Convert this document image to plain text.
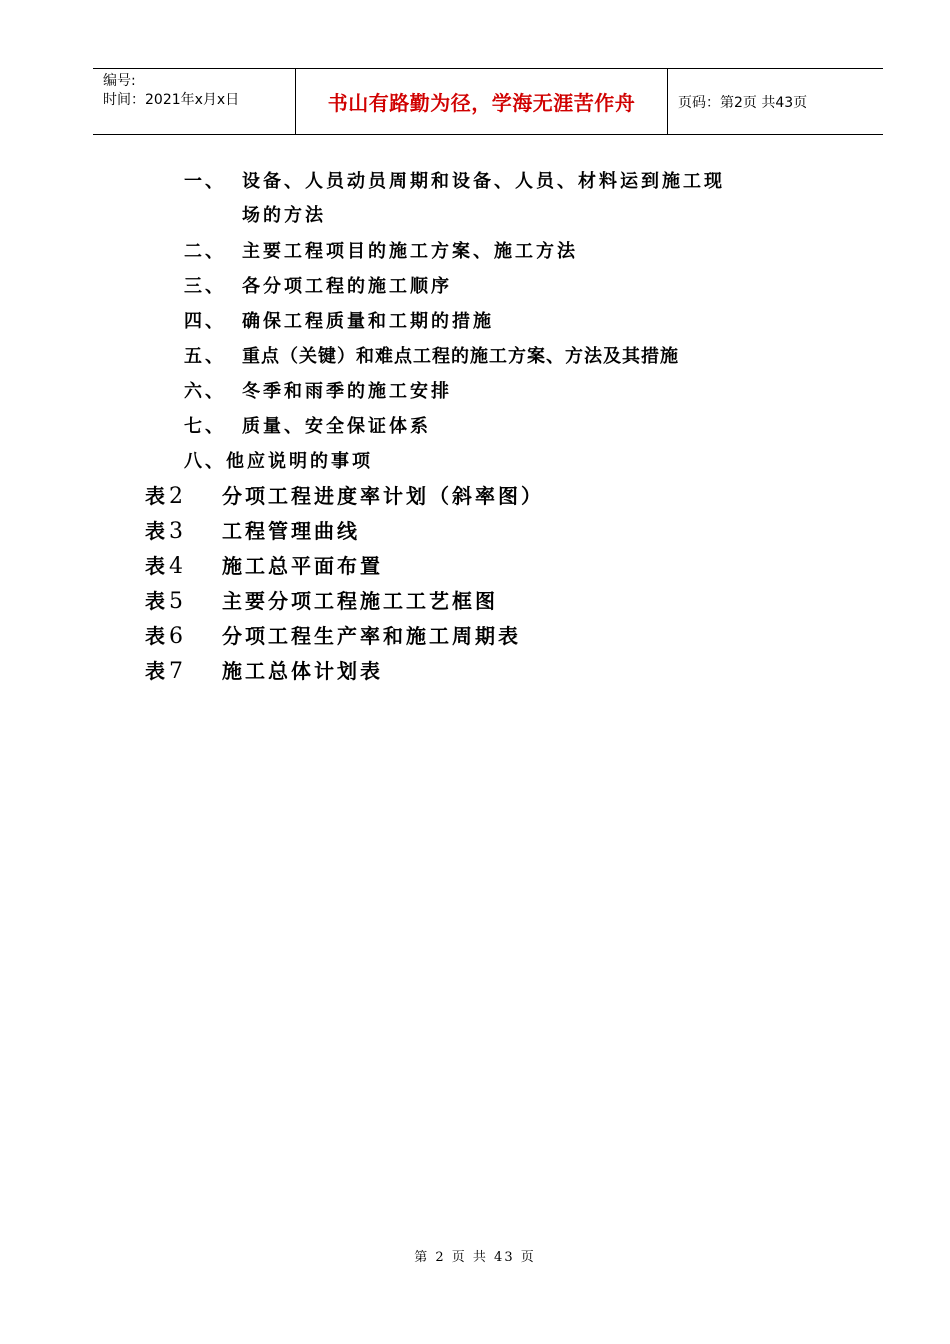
编号:
时间：2021年x月x日	书山有路勤为径，学海无涯苦作舟	页码：第2页 共43页
一、 设备、人员动员周期和设备、人员、材料运到施工现
场的方法
二、 主要工程项目的施工方案、施工方法
三、 各分项工程的施工顺序
四、 确保工程质量和工期的措施
五、 重点（关键）和难点工程的施工方案、方法及其措施
六、 冬季和雨季的施工安排
七、 质量、安全保证体系
八、他应说明的事项
表 2 分项工程进度率计划（斜率图）
表 3 工程管理曲线
表 4 施工总平面布置
表 5 主要分项工程施工工艺框图
表 6 分项工程生产率和施工周期表
表 7 施工总体计划表
第 2 页 共 43 页
